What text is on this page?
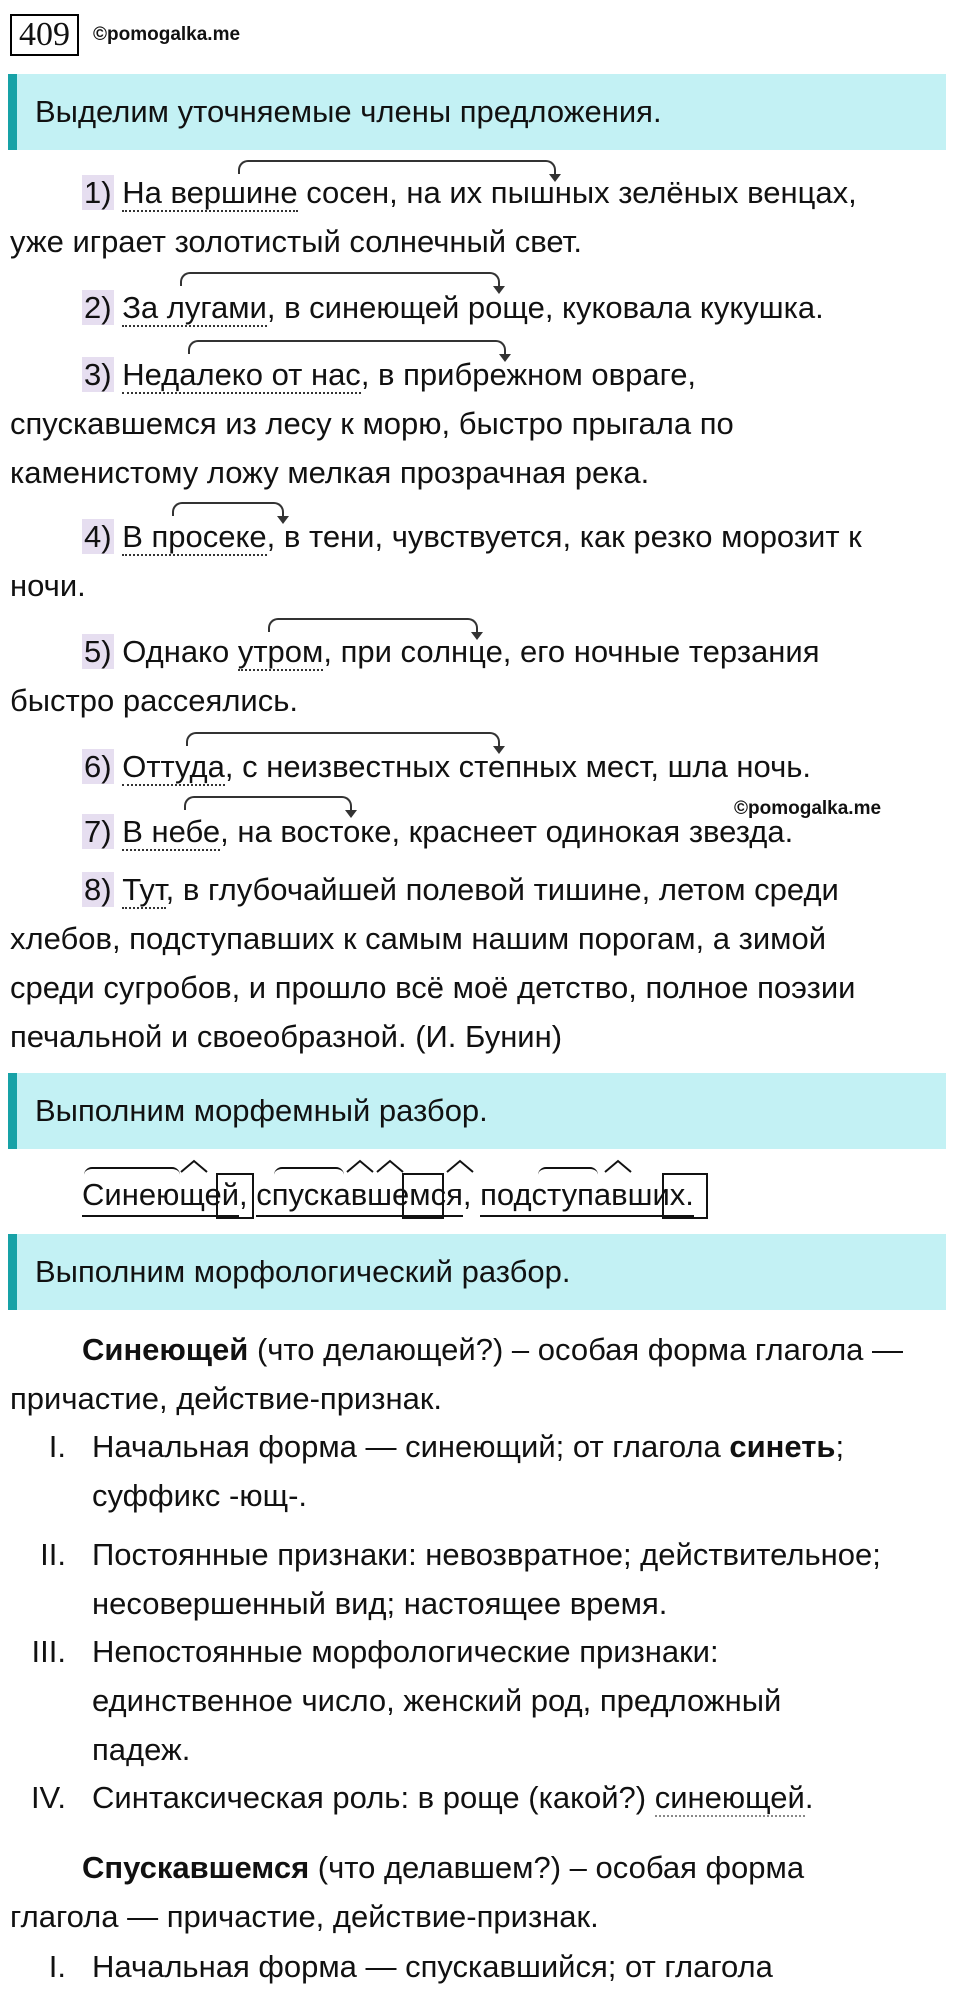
409	©pomogalka.me
Выделим уточняемые члены предложения.
1) На вершине сосен, на их пышных зелёных венцах,
уже играет золотистый солнечный свет.
2) За лугами, в синеющей роще, куковала кукушка.
3) Недалеко от нас, в прибрежном овраге,
спускавшемся из лесу к морю, быстро прыгала по
каменистому ложу мелкая прозрачная река.
4) В просеке, в тени, чувствуется, как резко морозит к
ночи.
5) Однако утром, при солнце, его ночные терзания
быстро рассеялись.
6) Оттуда, с неизвестных степных мест, шла ночь.
©pomogalka.me
7) В небе, на востоке, краснеет одинокая звезда.
8) Тут, в глубочайшей полевой тишине, летом среди
хлебов, подступавших к самым нашим порогам, а зимой
среди сугробов, и прошло всё моё детство, полное поэзии
печальной и своеобразной. (И. Бунин)
Выполним морфемный разбор.
Синеющей,
спускавшемся,
подступавших.
Выполним морфологический разбор.
Синеющей (что делающей?) – особая форма глагола —
причастие, действие-признак.
I. Начальная форма — синеющий; от глагола синеть;
суффикс -ющ-.
II. Постоянные признаки: невозвратное; действительное;
несовершенный вид; настоящее время.
III. Непостоянные морфологические признаки:
единственное число, женский род, предложный
падеж.
IV. Синтаксическая роль: в роще (какой?) синеющей.
Спускавшемся (что делавшем?) – особая форма
глагола — причастие, действие-признак.
I. Начальная форма — спускавшийся; от глагола
